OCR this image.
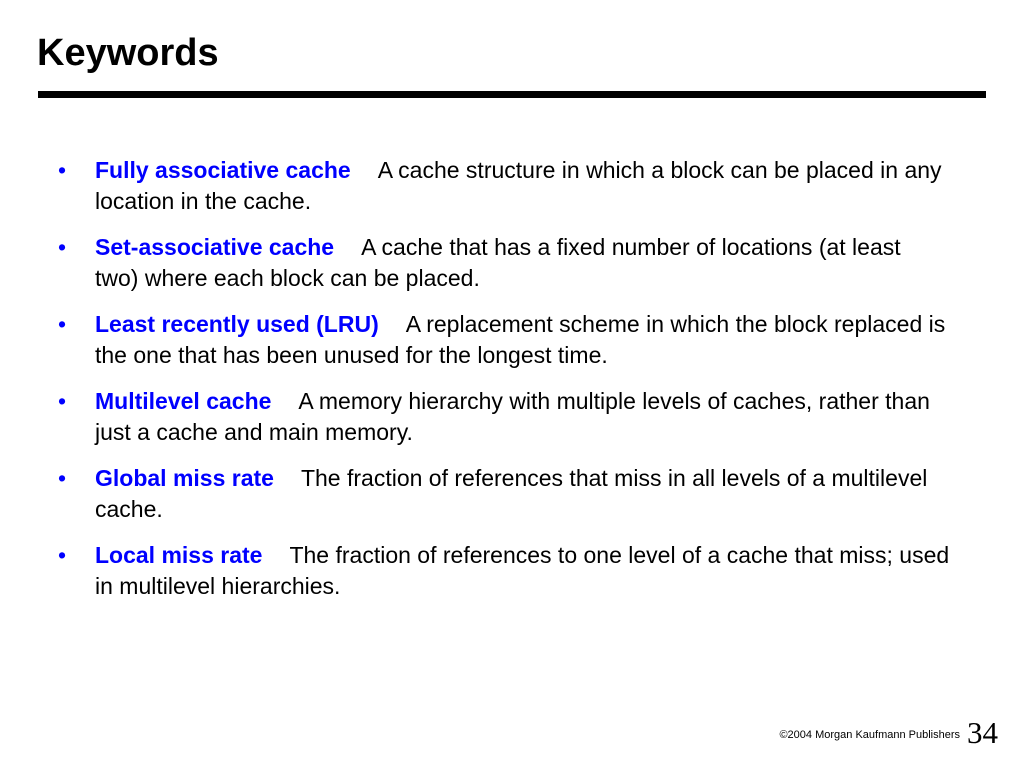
Keywords
• Fully associative cache A cache structure in which a block can be placed in any location in the cache.
• Set-associative cache A cache that has a fixed number of locations (at least two) where each block can be placed.
• Least recently used (LRU) A replacement scheme in which the block replaced is the one that has been unused for the longest time.
• Multilevel cache A memory hierarchy with multiple levels of caches, rather than just a cache and main memory.
• Global miss rate The fraction of references that miss in all levels of a multilevel cache.
• Local miss rate The fraction of references to one level of a cache that miss; used in multilevel hierarchies.
©2004 Morgan Kaufmann Publishers 34
